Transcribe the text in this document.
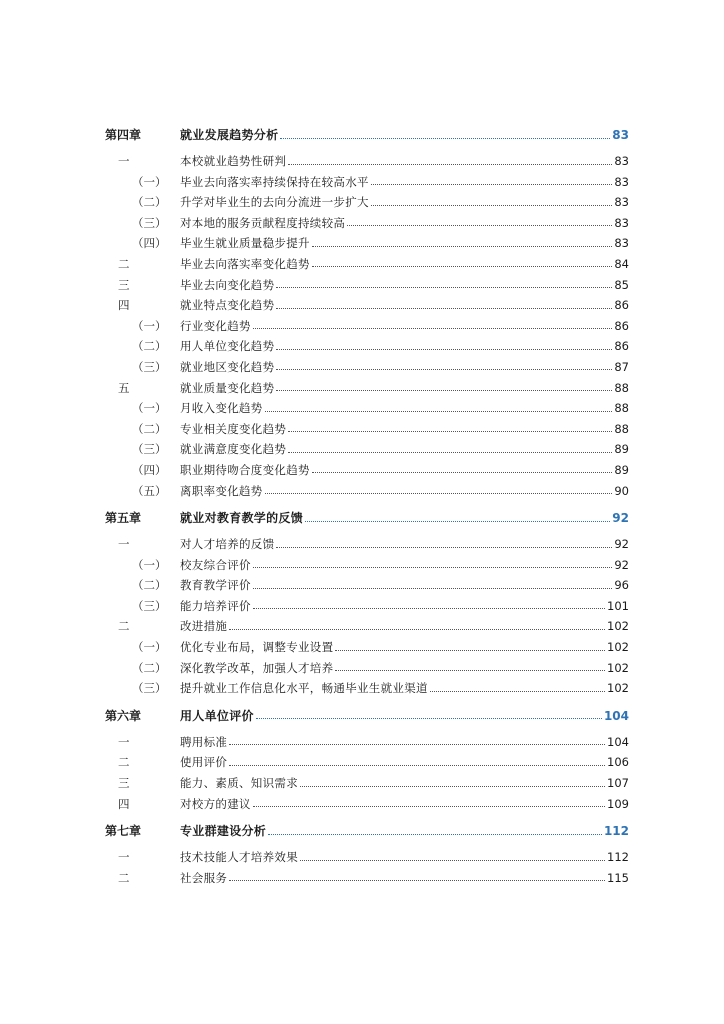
第四章	就业发展趋势分析	83
一	本校就业趋势性研判	83
（一） 毕业去向落实率持续保持在较高水平	83
（二） 升学对毕业生的去向分流进一步扩大	83
（三） 对本地的服务贡献程度持续较高	83
（四） 毕业生就业质量稳步提升	83
二	毕业去向落实率变化趋势	84
三	毕业去向变化趋势	85
四	就业特点变化趋势	86
（一） 行业变化趋势	86
（二） 用人单位变化趋势	86
（三） 就业地区变化趋势	87
五	就业质量变化趋势	88
（一） 月收入变化趋势	88
（二） 专业相关度变化趋势	88
（三） 就业满意度变化趋势	89
（四） 职业期待吻合度变化趋势	89
（五） 离职率变化趋势	90
第五章	就业对教育教学的反馈	92
一	对人才培养的反馈	92
（一） 校友综合评价	92
（二） 教育教学评价	96
（三） 能力培养评价	101
二	改进措施	102
（一） 优化专业布局，调整专业设置	102
（二） 深化教学改革，加强人才培养	102
（三） 提升就业工作信息化水平，畅通毕业生就业渠道	102
第六章	用人单位评价	104
一	聘用标准	104
二	使用评价	106
三	能力、素质、知识需求	107
四	对校方的建议	109
第七章	专业群建设分析	112
一	技术技能人才培养效果	112
二	社会服务	115
